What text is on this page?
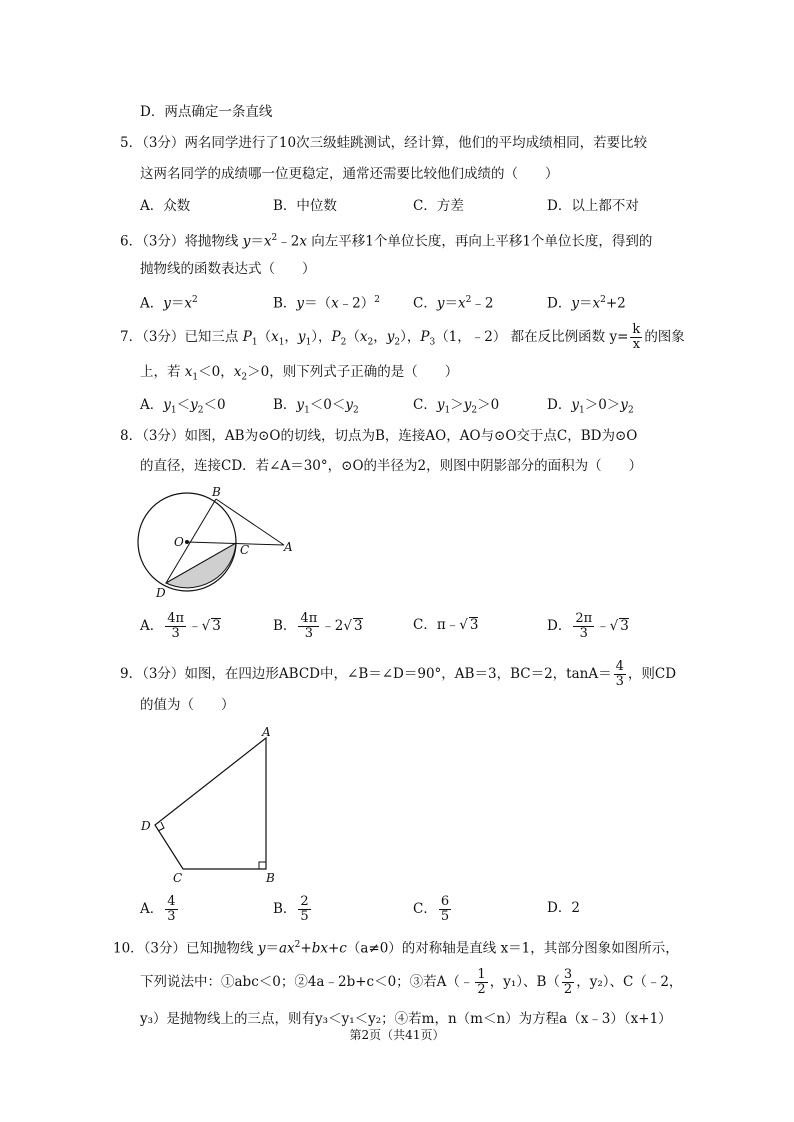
D．两点确定一条直线
5．（3分）两名同学进行了10次三级蛙跳测试，经计算，他们的平均成绩相同，若要比较
这两名同学的成绩哪一位更稳定，通常还需要比较他们成绩的（　　）
A．众数	B．中位数	C．方差	D．以上都不对
6．（3分）将抛物线 $y=x^2﹣2x$ 向左平移1个单位长度，再向上平移1个单位长度，得到的
抛物线的函数表达式（　　）
A．$y=x^2$	B．y＝（x﹣2）$^2$ C．$y=x^2﹣2$	D．$y=x^2+2$
7．（3分）已知三点 $P_1(x_1$，$y_1$），$P_2(x_2$，$y_2$），$P_3(1$，﹣2） 都在反比例函数 $y= \frac{k}{x}$ 的图象
上，若 $x_1<0$，$x_2>0$，则下列式子正确的是（　　）
A．$y_1<y_2<0$	B．$y_1<0<y_2$	C．$y_1>y_2>0$	D．$y_1>0>y_2$
8．（3分）如图，AB为⊙O的切线，切点为B，连接AO，AO与⊙O交于点C，BD为⊙O
的直径，连接CD．若∠A＝30°，⊙O的半径为2，则图中阴影部分的面积为（　　）
B
O
C	A
D
A． $\frac{4\pi}{3}$ ﹣√ 3	B． $\frac{4\pi}{3}$ ﹣2√ 3	C．π﹣√ 3	D． $\frac{2\pi}{3}$ ﹣√ 3
9．（3分）如图，在四边形ABCD中，∠B＝∠D＝90°，AB＝3，BC＝2，$\tan A= \frac{4}{3}$ ，则CD
的值为（　　）
A
B
C
D
A． $\frac{4}{3}$	B． $\frac{2}{5}$	C． $\frac{6}{5}$	D．2
10．（3分）已知抛物线 $y=ax^2+bx+c(a\ne 0)$的对称轴是直线 x＝1，其部分图象如图所示，
下列说法中：①abc＜0；②4a﹣2b+c＜0；③若A（﹣ $\frac{1}{2}$ ，y₁）、$B( \frac{3}{2}$ ，y₂）、C（﹣2，
y₃）是抛物线上的三点，则有y₃＜y₁＜y₂；④若m，n（m＜n）为方程a（x﹣3）（x+1）
第2页（共41页）
